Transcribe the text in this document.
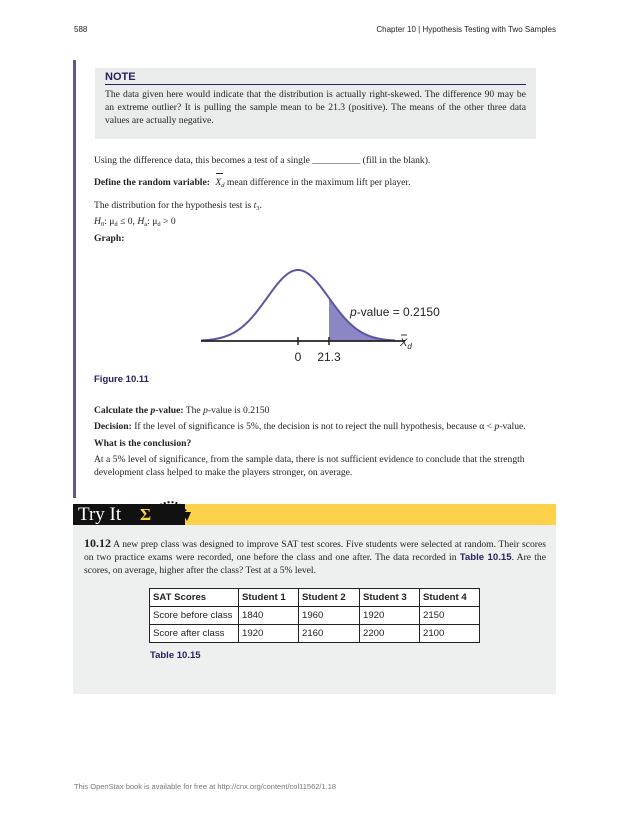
588	Chapter 10 | Hypothesis Testing with Two Samples
NOTE
The data given here would indicate that the distribution is actually right-skewed. The difference 90 may be an extreme outlier? It is pulling the sample mean to be 21.3 (positive). The means of the other three data values are actually negative.
Using the difference data, this becomes a test of a single __________ (fill in the blank).
Define the random variable: $X_d$ mean difference in the maximum lift per player.
The distribution for the hypothesis test is $t_3$.
$H_0$: $\mu_d \le 0$, $H_a$: $\mu_d > 0$
Graph:
0 21.3
p-value = 0.2150
$X_d$
Figure 10.11
Calculate the p-value: The p-value is 0.2150
Decision: If the level of significance is 5%, the decision is not to reject the null hypothesis, because α < p-value.
What is the conclusion?
At a 5% level of significance, from the sample data, there is not sufficient evidence to conclude that the strength development class helped to make the players stronger, on average.
Try It	Σ
10.12 A new prep class was designed to improve SAT test scores. Five students were selected at random. Their scores on two practice exams were recorded, one before the class and one after. The data recorded in Table 10.15. Are the scores, on average, higher after the class? Test at a 5% level.
SAT Scores	Student 1	Student 2	Student 3	Student 4
Score before class	1840	1960	1920	2150
Score after class	1920	2160	2200	2100
Table 10.15
This OpenStax book is available for free at http://cnx.org/content/col11562/1.18
